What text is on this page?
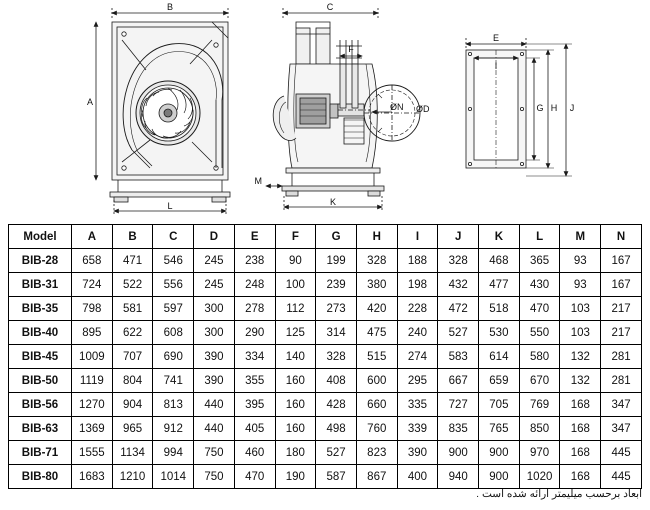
B
A
L
C
F
ØN ØD
M
K
E
I
G H J
Model	A	B	C	D	E	F	G	H	I	J	K	L	M	N
BIB-28	658	471	546	245	238	90	199	328	188	328	468	365	93	167
BIB-31	724	522	556	245	248	100	239	380	198	432	477	430	93	167
BIB-35	798	581	597	300	278	112	273	420	228	472	518	470	103	217
BIB-40	895	622	608	300	290	125	314	475	240	527	530	550	103	217
BIB-45	1009	707	690	390	334	140	328	515	274	583	614	580	132	281
BIB-50	1119	804	741	390	355	160	408	600	295	667	659	670	132	281
BIB-56	1270	904	813	440	395	160	428	660	335	727	705	769	168	347
BIB-63	1369	965	912	440	405	160	498	760	339	835	765	850	168	347
BIB-71	1555	1134	994	750	460	180	527	823	390	900	900	970	168	445
BIB-80	1683	1210	1014	750	470	190	587	867	400	940	900	1020	168	445
ابعاد برحسب میلیمتر ارائه شده است .
